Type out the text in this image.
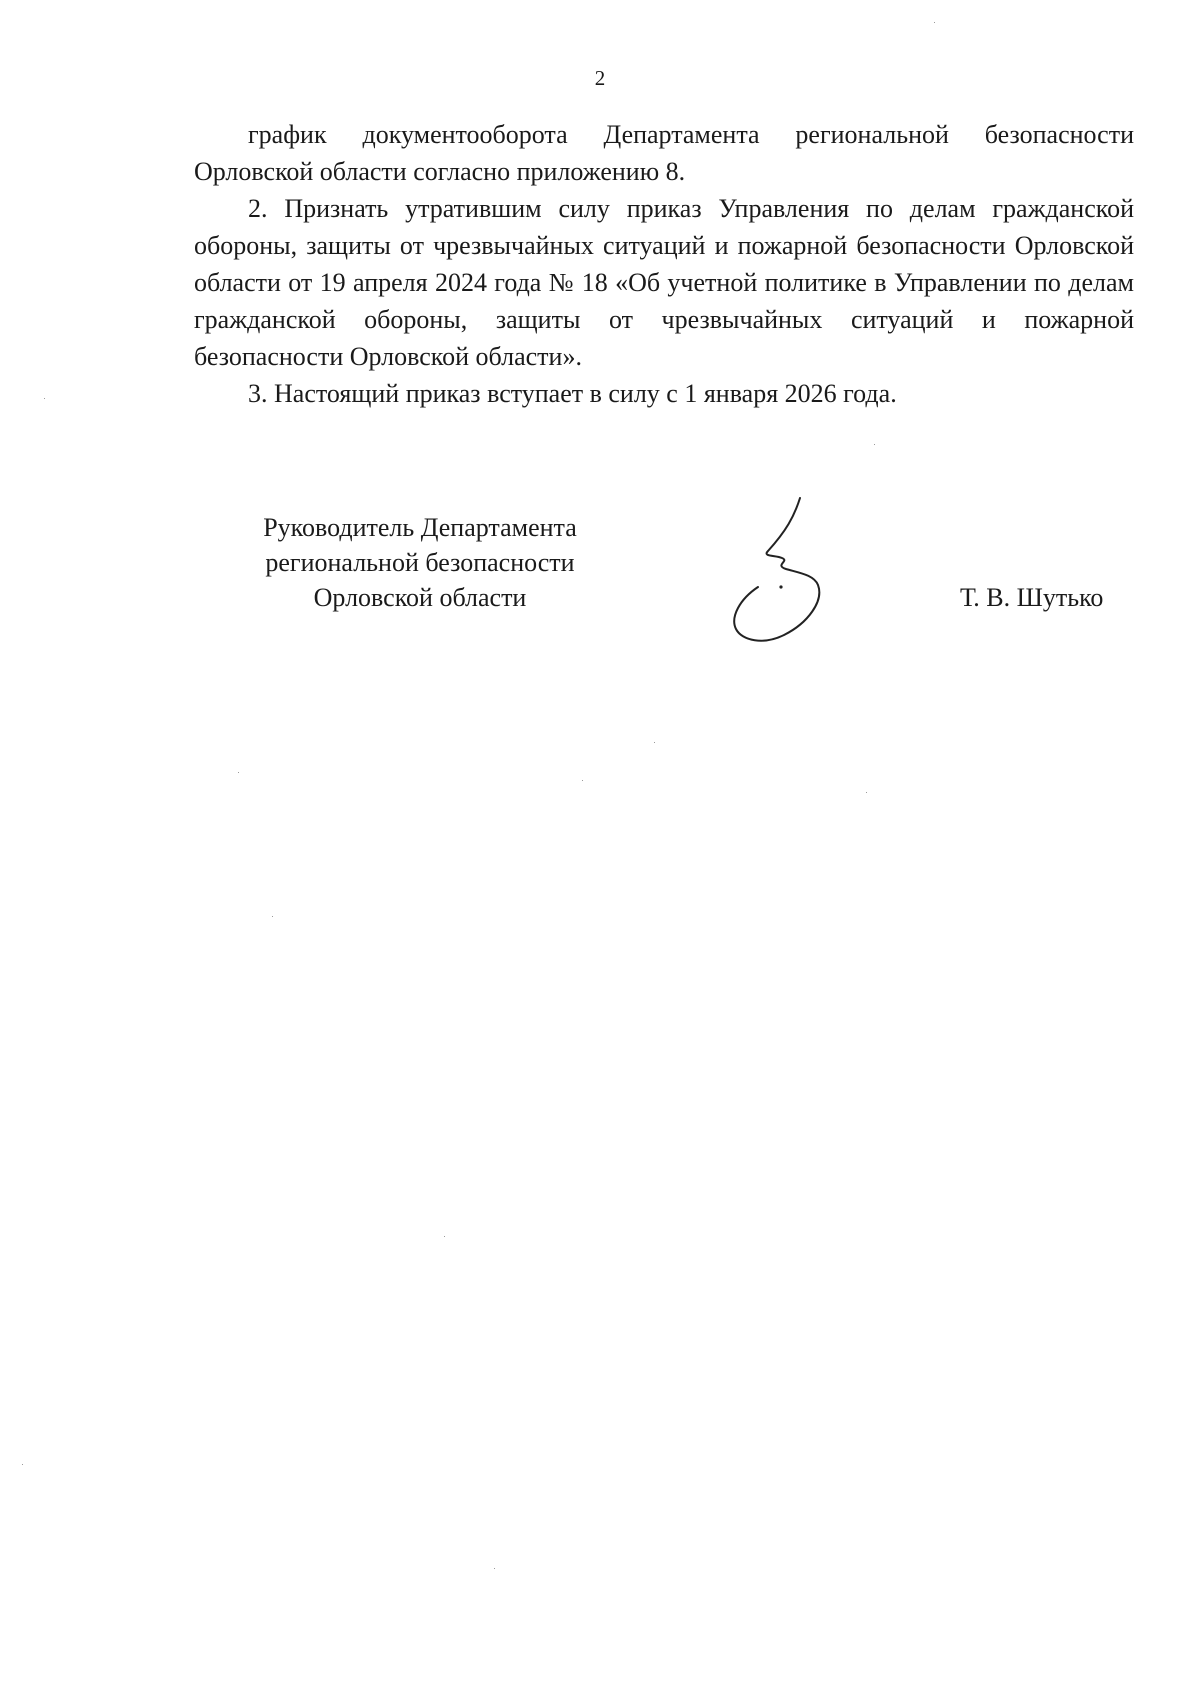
2

график документооборота Департамента региональной безопасности Орловской области согласно приложению 8.

2. Признать утратившим силу приказ Управления по делам гражданской обороны, защиты от чрезвычайных ситуаций и пожарной безопасности Орловской области от 19 апреля 2024 года № 18 «Об учетной политике в Управлении по делам гражданской обороны, защиты от чрезвычайных ситуаций и пожарной безопасности Орловской области».

3. Настоящий приказ вступает в силу с 1 января 2026 года.

Руководитель Департамента
региональной безопасности
Орловской области	Т. В. Шутько
